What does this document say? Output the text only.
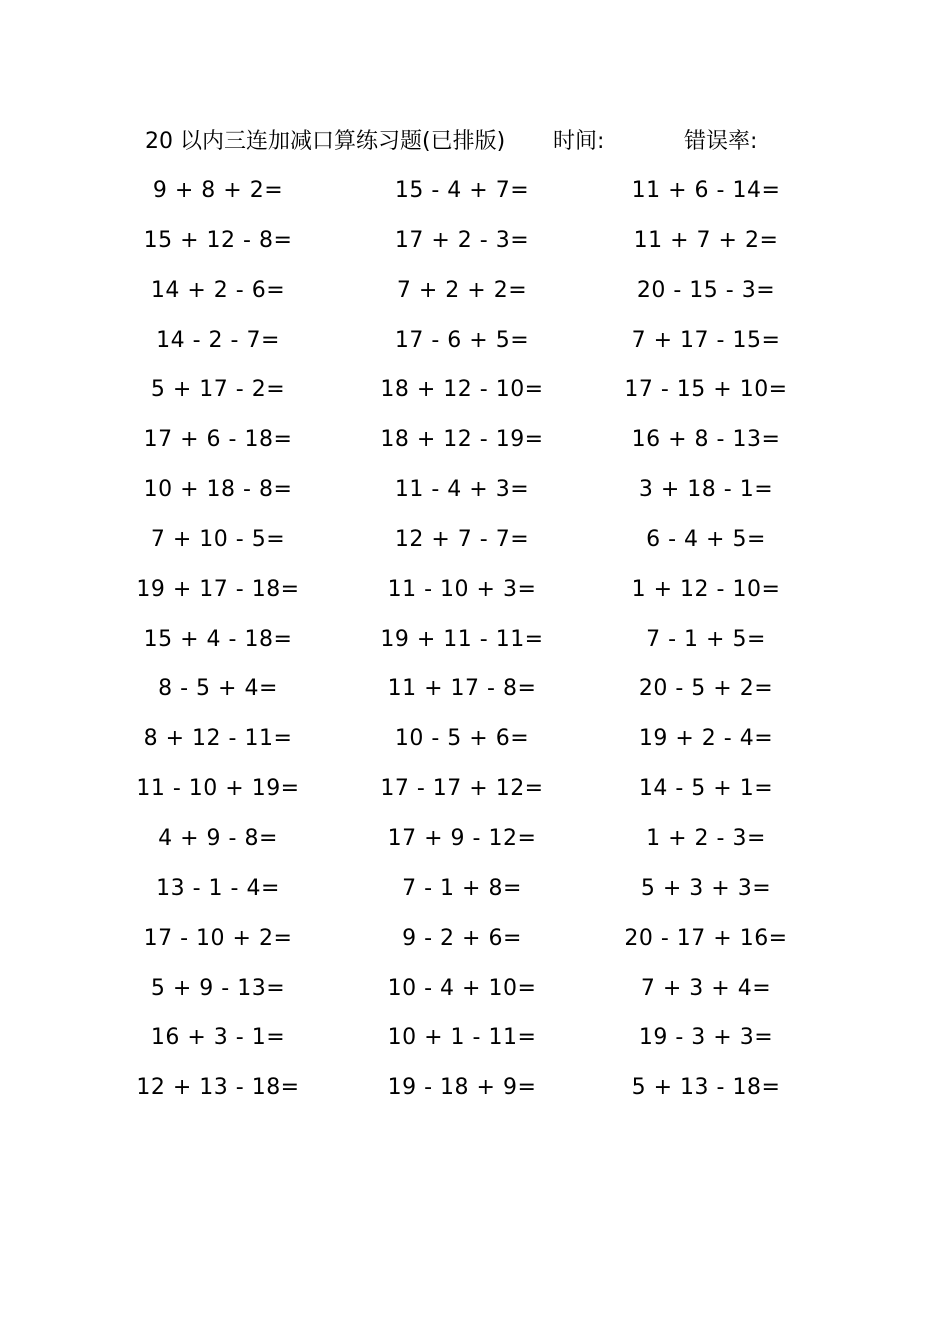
20 以内三连加减口算练习题(已排版) 时间:	错误率:
9 + 8 + 2=	15 - 4 + 7=	11 + 6 - 14=
15 + 12 - 8=	17 + 2 - 3=	11 + 7 + 2=
14 + 2 - 6=	7 + 2 + 2=	20 - 15 - 3=
14 - 2 - 7=	17 - 6 + 5=	7 + 17 - 15=
5 + 17 - 2=	18 + 12 - 10=	17 - 15 + 10=
17 + 6 - 18=	18 + 12 - 19=	16 + 8 - 13=
10 + 18 - 8=	11 - 4 + 3=	3 + 18 - 1=
7 + 10 - 5=	12 + 7 - 7=	6 - 4 + 5=
19 + 17 - 18=	11 - 10 + 3=	1 + 12 - 10=
15 + 4 - 18=	19 + 11 - 11=	7 - 1 + 5=
8 - 5 + 4=	11 + 17 - 8=	20 - 5 + 2=
8 + 12 - 11=	10 - 5 + 6=	19 + 2 - 4=
11 - 10 + 19=	17 - 17 + 12=	14 - 5 + 1=
4 + 9 - 8=	17 + 9 - 12=	1 + 2 - 3=
13 - 1 - 4=	7 - 1 + 8=	5 + 3 + 3=
17 - 10 + 2=	9 - 2 + 6=	20 - 17 + 16=
5 + 9 - 13=	10 - 4 + 10=	7 + 3 + 4=
16 + 3 - 1=	10 + 1 - 11=	19 - 3 + 3=
12 + 13 - 18=	19 - 18 + 9=	5 + 13 - 18=
